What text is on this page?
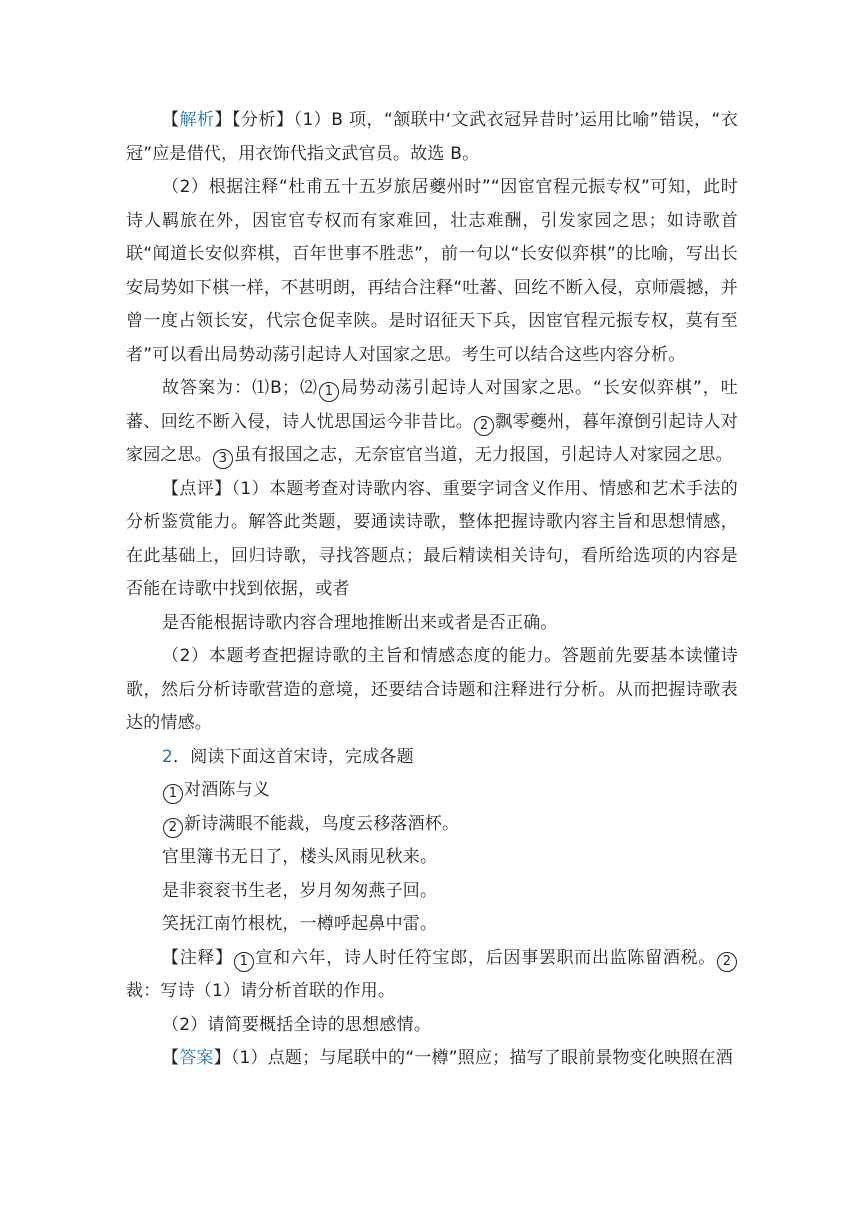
【解析】【分析】（1）B 项，“颔联中‘文武衣冠异昔时’运用比喻”错误，“衣冠”应是借代，用衣饰代指文武官员。故选 B。

（2）根据注释“杜甫五十五岁旅居夔州时”“因宦官程元振专权”可知，此时诗人羁旅在外，因宦官专权而有家难回，壮志难酬，引发家园之思；如诗歌首联“闻道长安似弈棋，百年世事不胜悲”，前一句以“长安似弈棋”的比喻，写出长安局势如下棋一样，不甚明朗，再结合注释“吐蕃、回纥不断入侵，京师震撼，并曾一度占领长安，代宗仓促幸陕。是时诏征天下兵，因宦官程元振专权，莫有至者”可以看出局势动荡引起诗人对国家之思。考生可以结合这些内容分析。

故答案为：⑴B；⑵ 1 局势动荡引起诗人对国家之思。“长安似弈棋”，吐蕃、回纥不断入侵，诗人忧思国运今非昔比。 2 飘零夔州，暮年潦倒引起诗人对家园之思。 3 虽有报国之志，无奈宦官当道，无力报国，引起诗人对家园之思。

【点评】（1）本题考查对诗歌内容、重要字词含义作用、情感和艺术手法的分析鉴赏能力。解答此类题，要通读诗歌，整体把握诗歌内容主旨和思想情感，在此基础上，回归诗歌，寻找答题点；最后精读相关诗句，看所给选项的内容是否能在诗歌中找到依据，或者

是否能根据诗歌内容合理地推断出来或者是否正确。

（2）本题考查把握诗歌的主旨和情感态度的能力。答题前先要基本读懂诗歌，然后分析诗歌营造的意境，还要结合诗题和注释进行分析。从而把握诗歌表达的情感。

2．阅读下面这首宋诗，完成各题

1 对酒陈与义

2 新诗满眼不能裁，鸟度云移落酒杯。

官里簿书无日了，楼头风雨见秋来。

是非衮衮书生老，岁月匆匆燕子回。

笑抚江南竹根枕，一樽呼起鼻中雷。

【注释】 1 宣和六年，诗人时任符宝郎，后因事罢职而出监陈留酒税。 2裁：写诗（1）请分析首联的作用。

（2）请简要概括全诗的思想感情。

【答案】（1）点题；与尾联中的“一樽”照应；描写了眼前景物变化映照在酒
